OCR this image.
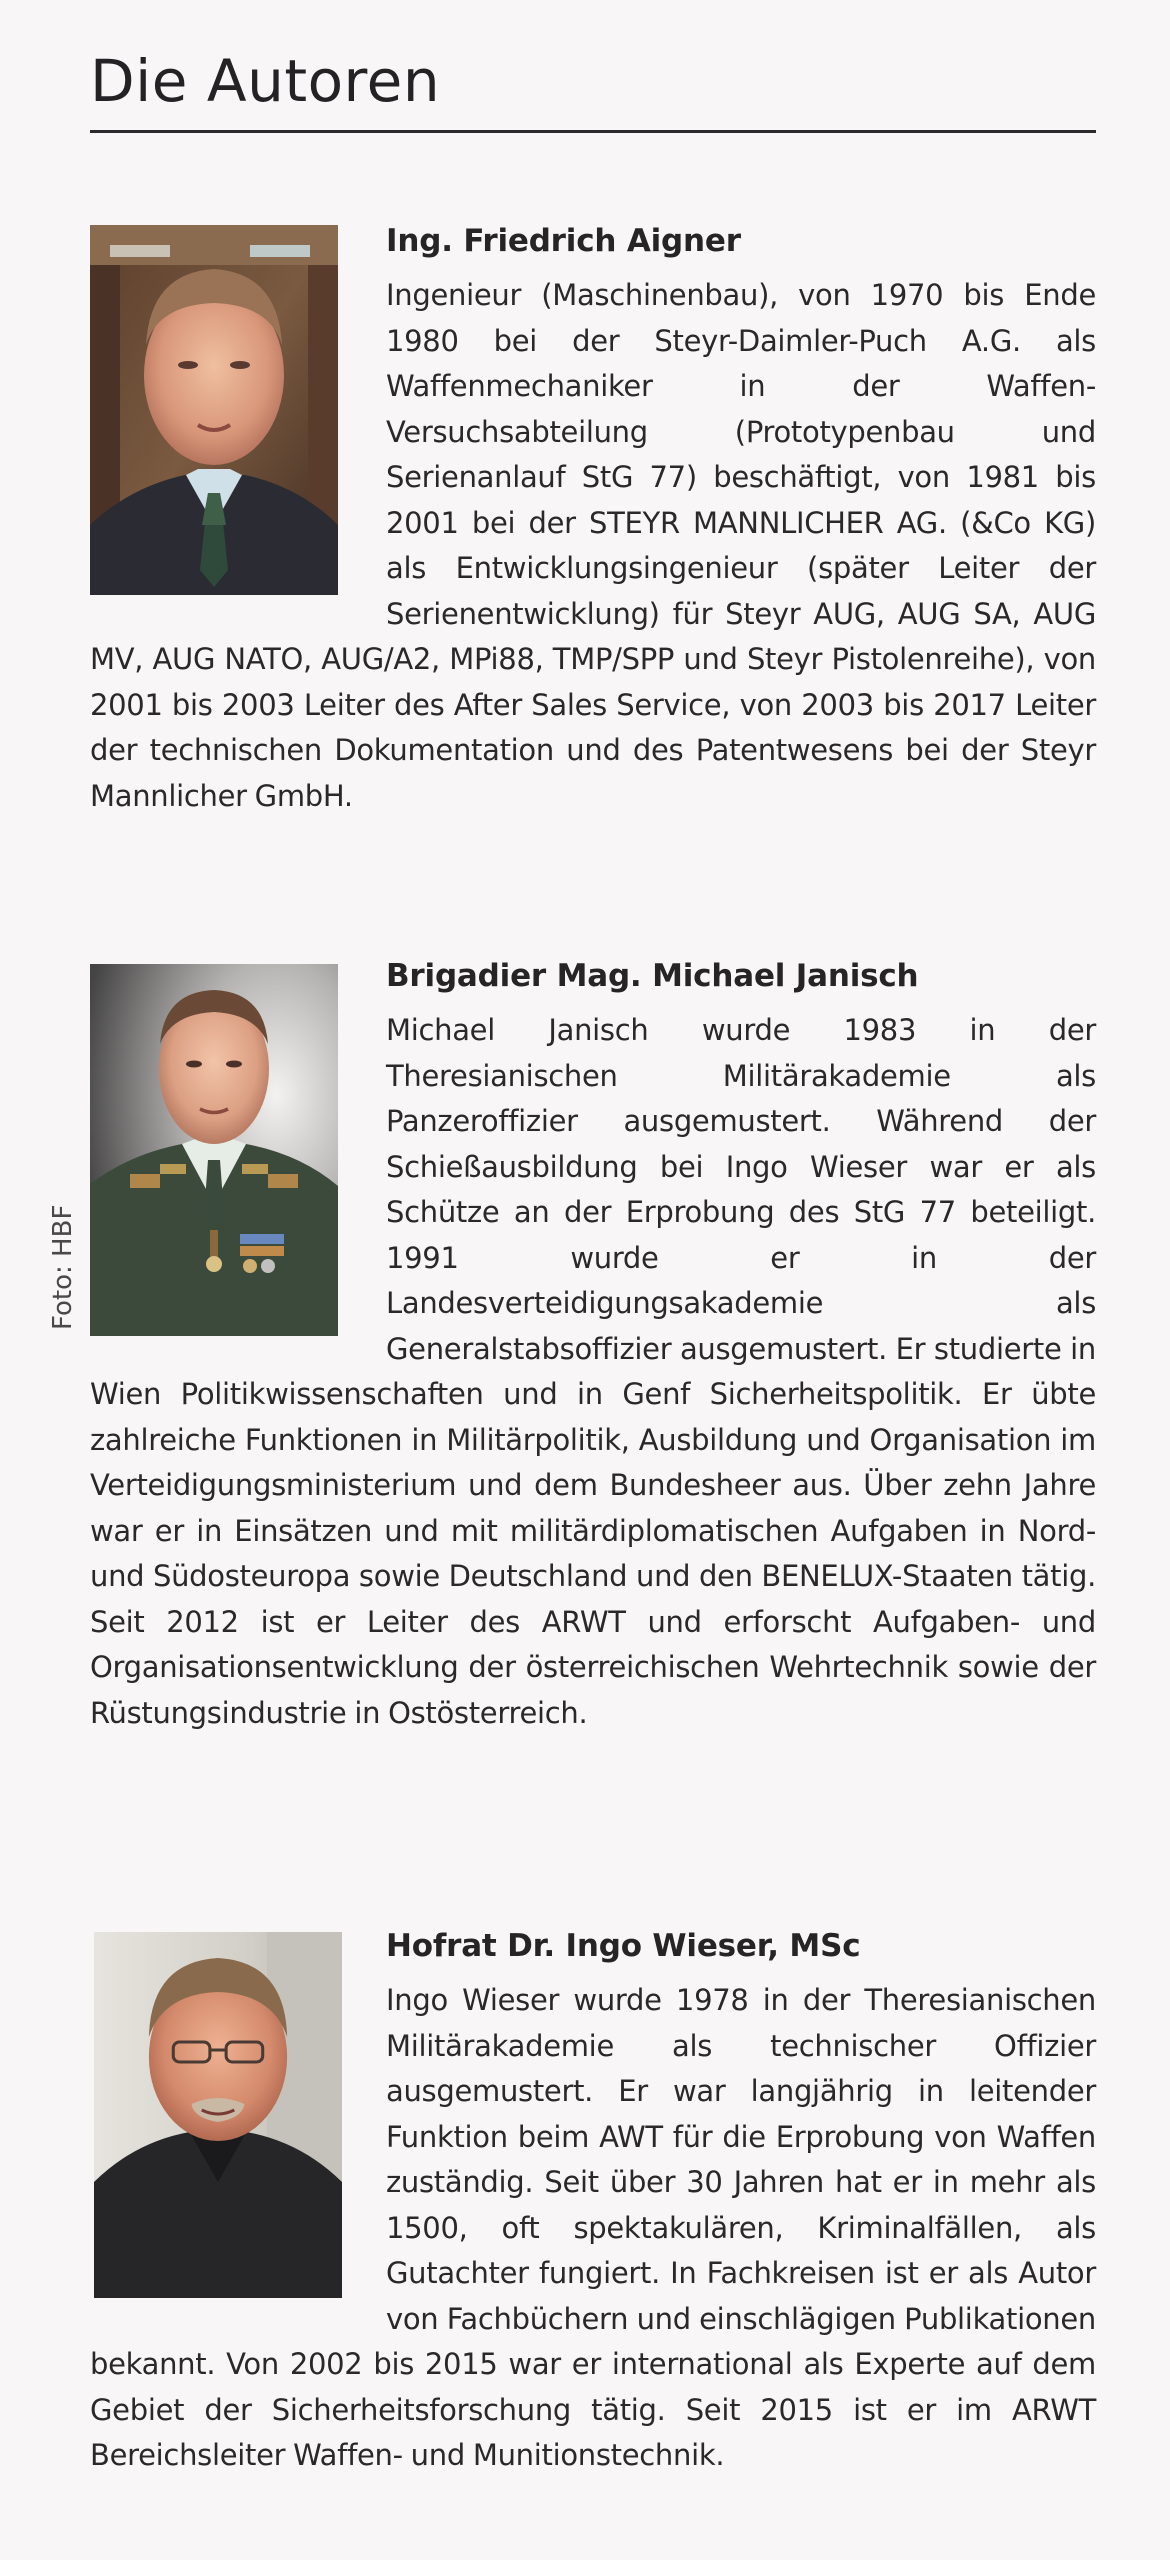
Die Autoren
Ing. Friedrich Aigner

Ingenieur (Maschinenbau), von 1970 bis Ende 1980 bei der Steyr-Daimler-Puch A.G. als Waffenmechaniker in der Waffen-Versuchsabteilung (Prototypenbau und Serienanlauf StG 77) beschäftigt, von 1981 bis 2001 bei der STEYR MANNLICHER AG. (&Co KG) als Entwicklungsingenieur (später Leiter der Serienentwicklung) für Steyr AUG, AUG SA, AUG MV, AUG NATO, AUG/A2, MPi88, TMP/SPP und Steyr Pistolenreihe), von 2001 bis 2003 Leiter des After Sales Service, von 2003 bis 2017 Leiter der technischen Dokumentation und des Patentwesens bei der Steyr Mannlicher GmbH.

Brigadier Mag. Michael Janisch

Michael Janisch wurde 1983 in der Theresianischen Militärakademie als Panzeroffizier ausgemustert. Während der Schießausbildung bei Ingo Wieser war er als Schütze an der Erprobung des StG 77 beteiligt. 1991 wurde er in der Landesverteidigungsakademie als Generalstabsoffizier ausgemustert. Er studierte in Wien Politikwissenschaften und in Genf Sicherheitspolitik. Er übte zahlreiche Funktionen in Militärpolitik, Ausbildung und Organisation im Verteidigungsministerium und dem Bundesheer aus. Über zehn Jahre war er in Einsätzen und mit militärdiplomatischen Aufgaben in Nord- und Südosteuropa sowie Deutschland und den BENELUX-Staaten tätig. Seit 2012 ist er Leiter des ARWT und erforscht Aufgaben- und Organisationsentwicklung der österreichischen Wehrtechnik sowie der Rüstungsindustrie in Ostösterreich.

Foto: HBF
Hofrat Dr. Ingo Wieser, MSc

Ingo Wieser wurde 1978 in der Theresianischen Militärakademie als technischer Offizier ausgemustert. Er war langjährig in leitender Funktion beim AWT für die Erprobung von Waffen zuständig. Seit über 30 Jahren hat er in mehr als 1500, oft spektakulären, Kriminalfällen, als Gutachter fungiert. In Fachkreisen ist er als Autor von Fachbüchern und einschlägigen Publikationen bekannt. Von 2002 bis 2015 war er international als Experte auf dem Gebiet der Sicherheitsforschung tätig. Seit 2015 ist er im ARWT Bereichsleiter Waffen- und Munitionstechnik.
